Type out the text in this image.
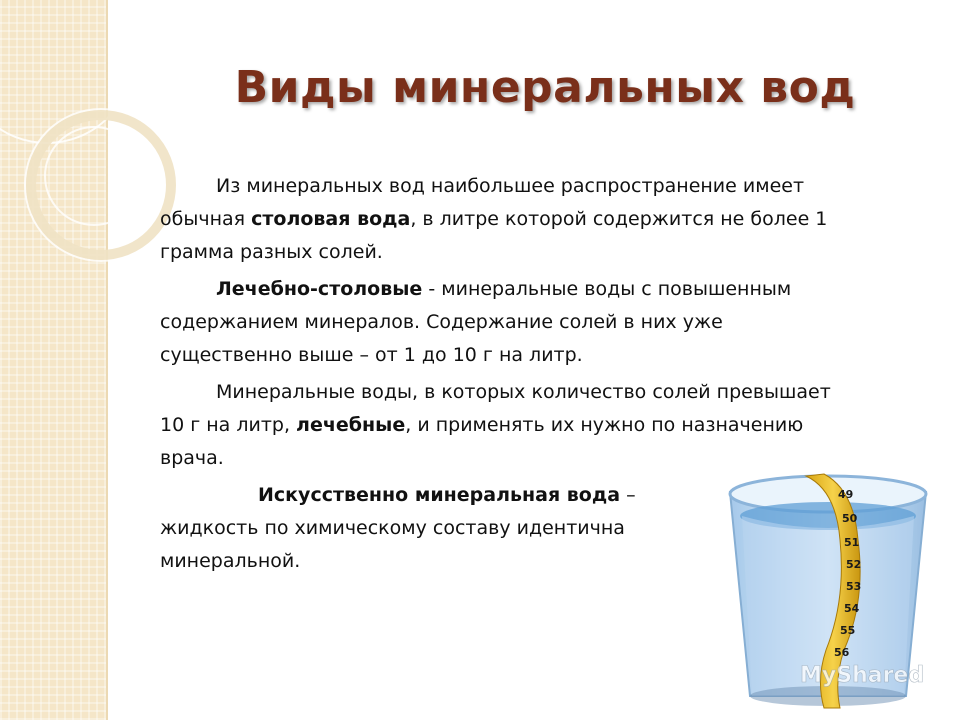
Виды минеральных вод

Из минеральных вод наибольшее распространение имеет обычная столовая вода, в литре которой содержится не более 1 грамма разных солей.

Лечебно-столовые - минеральные воды с повышенным содержанием минералов. Содержание солей в них уже существенно выше – от 1 до 10 г на литр.

Минеральные воды, в которых количество солей превышает 10 г на литр, лечебные, и применять их нужно по назначению врача.

Искусственно минеральная вода – жидкость по химическому составу идентична минеральной.

49
50
51
52
53
54
55
56
MyShared
